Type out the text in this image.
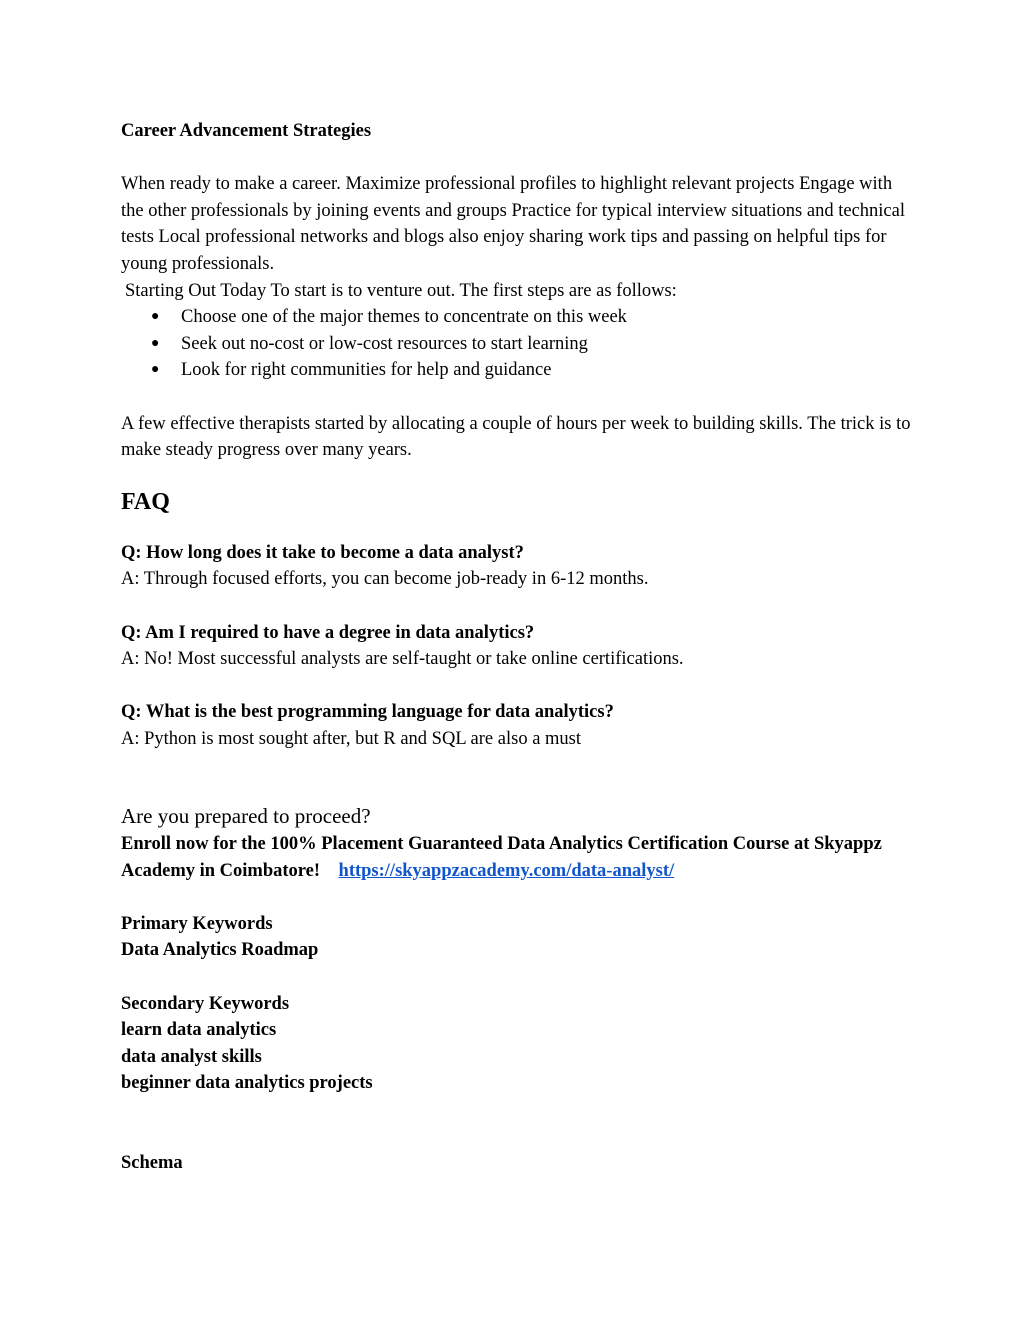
Career Advancement Strategies

When ready to make a career. Maximize professional profiles to highlight relevant projects Engage with the other professionals by joining events and groups Practice for typical interview situations and technical tests Local professional networks and blogs also enjoy sharing work tips and passing on helpful tips for young professionals.

Starting Out Today To start is to venture out. The first steps are as follows:

● Choose one of the major themes to concentrate on this week
● Seek out no-cost or low-cost resources to start learning
● Look for right communities for help and guidance

A few effective therapists started by allocating a couple of hours per week to building skills. The trick is to make steady progress over many years.

FAQ

Q: How long does it take to become a data analyst?

A: Through focused efforts, you can become job-ready in 6-12 months.

Q: Am I required to have a degree in data analytics?

A: No! Most successful analysts are self-taught or take online certifications.

Q: What is the best programming language for data analytics?

A: Python is most sought after, but R and SQL are also a must

Are you prepared to proceed?

Enroll now for the 100% Placement Guaranteed Data Analytics Certification Course at Skyappz Academy in Coimbatore! https://skyappzacademy.com/data-analyst/

Primary Keywords

Data Analytics Roadmap

Secondary Keywords

learn data analytics

data analyst skills

beginner data analytics projects

Schema
